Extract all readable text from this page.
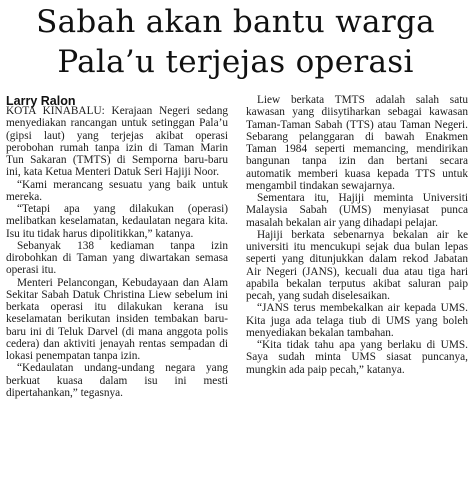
Sabah akan bantu warga
Pala’u terjejas operasi
Larry Ralon

KOTA KINABALU: Kerajaan Negeri sedang menyediakan rancangan untuk setinggan Pala’u (gipsi laut) yang terjejas akibat operasi perobohan rumah tanpa izin di Taman Marin Tun Sakaran (TMTS) di Semporna baru-baru ini, kata Ketua Menteri Datuk Seri Hajiji Noor.

“Kami merancang sesuatu yang baik untuk mereka.

“Tetapi apa yang dilakukan (operasi) melibatkan keselamatan, kedaulatan negara kita. Isu itu tidak harus dipolitikkan,” katanya.

Sebanyak 138 kediaman tanpa izin dirobohkan di Taman yang diwartakan semasa operasi itu.

Menteri Pelancongan, Kebudayaan dan Alam Sekitar Sabah Datuk Christina Liew sebelum ini berkata operasi itu dilakukan kerana isu keselamatan berikutan insiden tembakan baru-baru ini di Teluk Darvel (di mana anggota polis cedera) dan aktiviti jenayah rentas sempadan di lokasi penempatan tanpa izin.

“Kedaulatan undang-undang negara yang berkuat kuasa dalam isu ini mesti dipertahankan,” tegasnya.

Liew berkata TMTS adalah salah satu kawasan yang diisytiharkan sebagai kawasan Taman-Taman Sabah (TTS) atau Taman Negeri. Sebarang pelanggaran di bawah Enakmen Taman 1984 seperti memancing, mendirikan bangunan tanpa izin dan bertani secara automatik memberi kuasa kepada TTS untuk mengambil tindakan sewajarnya.

Sementara itu, Hajiji meminta Universiti Malaysia Sabah (UMS) menyiasat punca masalah bekalan air yang dihadapi pelajar.

Hajiji berkata sebenarnya bekalan air ke universiti itu mencukupi sejak dua bulan lepas seperti yang ditunjukkan dalam rekod Jabatan Air Negeri (JANS), kecuali dua atau tiga hari apabila bekalan terputus akibat saluran paip pecah, yang sudah diselesaikan.

“JANS terus membekalkan air kepada UMS. Kita juga ada telaga tiub di UMS yang boleh menyediakan bekalan tambahan.

“Kita tidak tahu apa yang berlaku di UMS. Saya sudah minta UMS siasat puncanya, mungkin ada paip pecah,” katanya.
